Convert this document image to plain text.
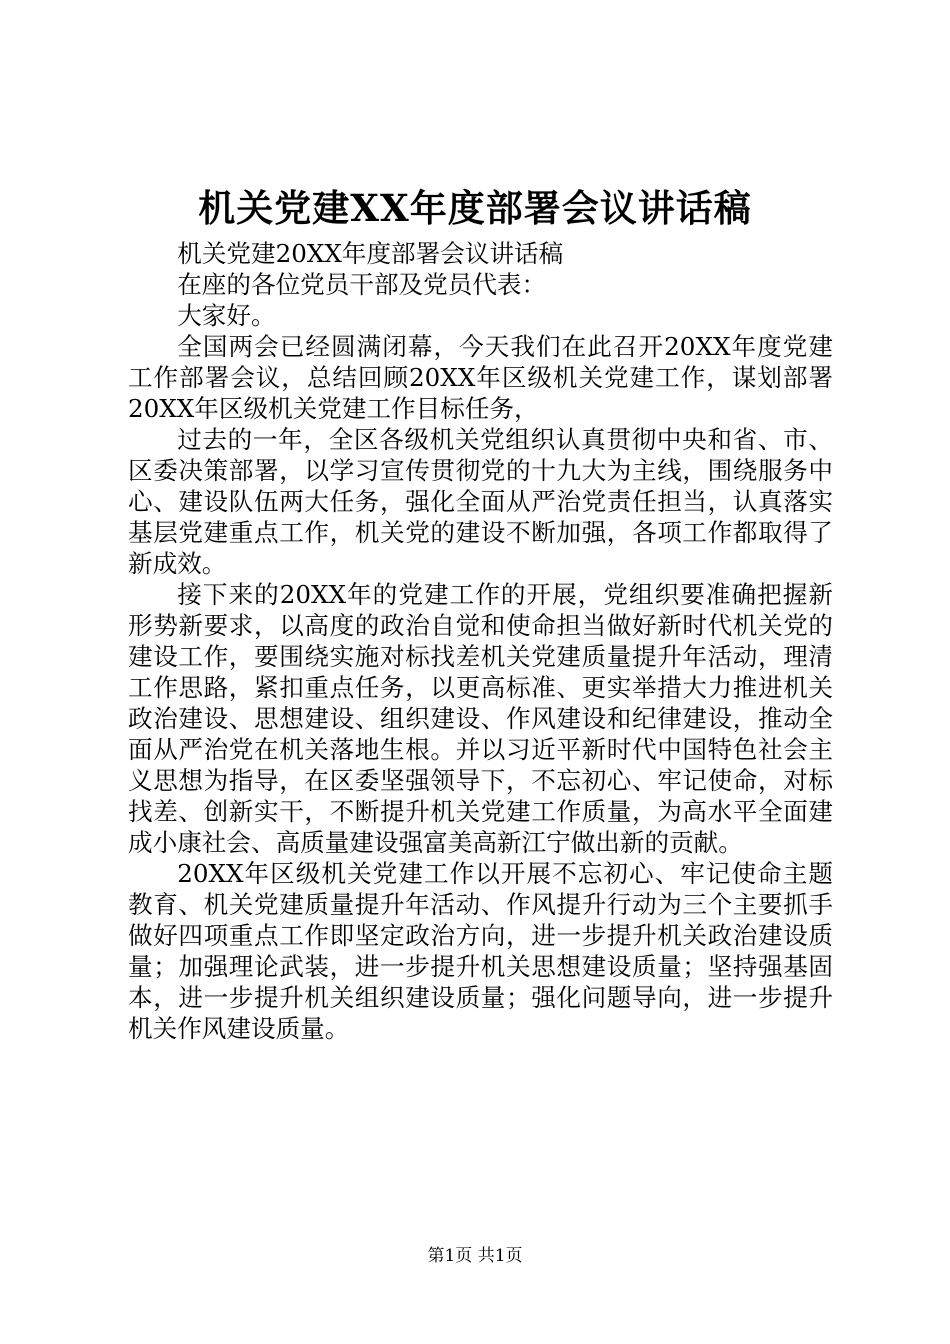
机关党建XX年度部署会议讲话稿

机关党建20XX年度部署会议讲话稿

在座的各位党员干部及党员代表：

大家好。

全国两会已经圆满闭幕，今天我们在此召开20XX年度党建工作部署会议，总结回顾20XX年区级机关党建工作，谋划部署20XX年区级机关党建工作目标任务，

过去的一年，全区各级机关党组织认真贯彻中央和省、市、区委决策部署，以学习宣传贯彻党的十九大为主线，围绕服务中心、建设队伍两大任务，强化全面从严治党责任担当，认真落实基层党建重点工作，机关党的建设不断加强，各项工作都取得了新成效。

接下来的20XX年的党建工作的开展，党组织要准确把握新形势新要求，以高度的政治自觉和使命担当做好新时代机关党的建设工作，要围绕实施对标找差机关党建质量提升年活动，理清工作思路，紧扣重点任务，以更高标准、更实举措大力推进机关政治建设、思想建设、组织建设、作风建设和纪律建设，推动全面从严治党在机关落地生根。并以习近平新时代中国特色社会主义思想为指导，在区委坚强领导下，不忘初心、牢记使命，对标找差、创新实干，不断提升机关党建工作质量，为高水平全面建成小康社会、高质量建设强富美高新江宁做出新的贡献。

20XX年区级机关党建工作以开展不忘初心、牢记使命主题教育、机关党建质量提升年活动、作风提升行动为三个主要抓手做好四项重点工作即坚定政治方向，进一步提升机关政治建设质量；加强理论武装，进一步提升机关思想建设质量；坚持强基固本，进一步提升机关组织建设质量；强化问题导向，进一步提升机关作风建设质量。

第1页 共1页
